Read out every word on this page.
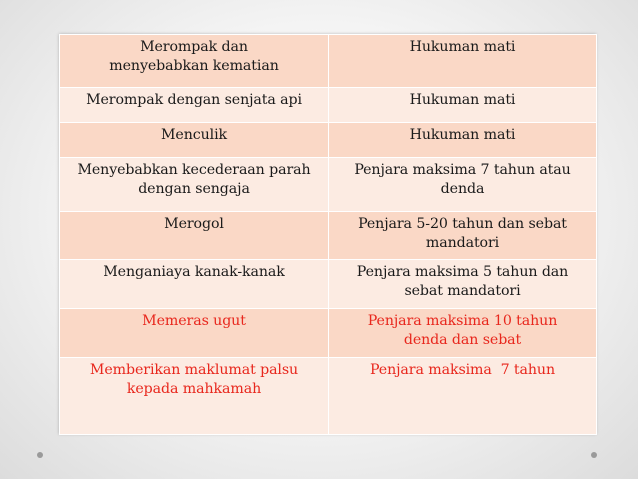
Merompak dan menyebabkan kematian	Hukuman mati
Merompak dengan senjata api	Hukuman mati
Menculik	Hukuman mati
Menyebabkan kecederaan parah dengan sengaja	Penjara maksima 7 tahun atau denda
Merogol	Penjara 5-20 tahun dan sebat mandatori
Menganiaya kanak-kanak	Penjara maksima 5 tahun dan sebat mandatori
Memeras ugut	Penjara maksima 10 tahun denda dan sebat
Memberikan maklumat palsu kepada mahkamah	Penjara maksima  7 tahun
